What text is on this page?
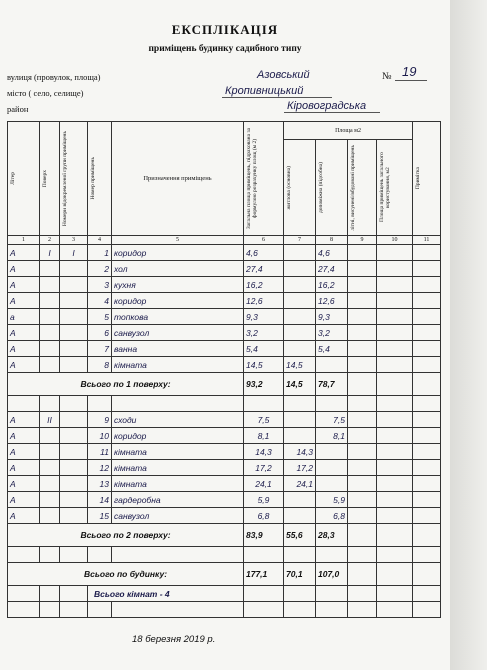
ЕКСПЛІКАЦІЯ
приміщень будинку садибного типу
вулиця (провулок, площа)	Азовський	№ 19
місто ( село, селище)	Кропивницький
район	Кіровоградська
Літер	Поверх	Номери відокремленої групи приміщень	Номер приміщень	Призначення приміщень	Загальна площа приміщень, підрахована за формулою розрахунку площ (м 2)	Площа м2				Примітка

						житлова (основна)	допоміжна (підсобна)	літні, висунені/вбудовані приміщень	Площа приміщень загального користування, м2	

1	2	3	4	5	6	7	8	9	10	11
А	І	І	1	коридор	4,6		4,6			
А			2	хол	27,4		27,4			
А			3	кухня	16,2		16,2			
А			4	коридор	12,6		12,6			
а			5	топкова	9,3		9,3			
А			6	санвузол	3,2		3,2			
А			7	ванна	5,4		5,4			
А			8	кімната	14,5	14,5				
Всього по 1 поверху:					93,2	14,5	78,7			

А	ІІ		9	сходи	7,5		7,5			
А			10	коридор	8,1		8,1			
А			11	кімната	14,3	14,3				
А			12	кімната	17,2	17,2				
А			13	кімната	24,1	24,1				
А			14	гардеробна	5,9		5,9			
А			15	санвузол	6,8		6,8			
Всього по 2 поверху:					83,9	55,6	28,3			

Всього по будинку:					177,1	70,1	107,0			
			Всього кімнат - 4							

18 березня 2019 р.
